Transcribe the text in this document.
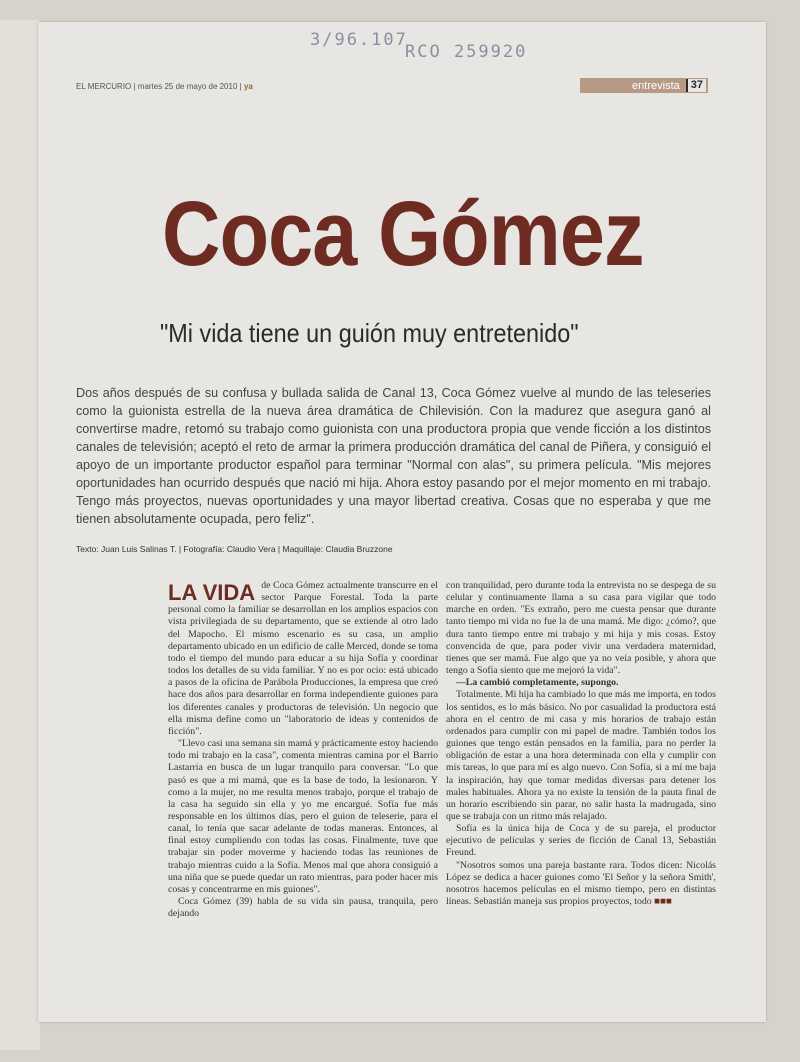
3/96.107
RCO 259920
EL MERCURIO | martes 25 de mayo de 2010 | ya	entrevista	37
Coca Gómez
"Mi vida tiene un guión muy entretenido"
Dos años después de su confusa y bullada salida de Canal 13, Coca Gómez vuelve al mundo de las teleseries como la guionista estrella de la nueva área dramática de Chilevisión. Con la madurez que asegura ganó al convertirse madre, retomó su trabajo como guionista con una productora propia que vende ficción a los distintos canales de televisión; aceptó el reto de armar la primera producción dramática del canal de Piñera, y consiguió el apoyo de un importante productor español para terminar "Normal con alas", su primera película. "Mis mejores oportunidades han ocurrido después que nació mi hija. Ahora estoy pasando por el mejor momento en mi trabajo. Tengo más proyectos, nuevas oportunidades y una mayor libertad creativa. Cosas que no esperaba y que me tienen absolutamente ocupada, pero feliz".
Texto: Juan Luis Salinas T. | Fotografía: Claudio Vera | Maquillaje: Claudia Bruzzone

LA VIDA de Coca Gómez actualmente transcurre en el sector Parque Forestal. Toda la parte personal como la familiar se desarrollan en los amplios espacios con vista privilegiada de su departamento, que se extiende al otro lado del Mapocho. El mismo escenario es su casa, un amplio departamento ubicado en un edificio de calle Merced, donde se toma todo el tiempo del mundo para educar a su hija Sofía y coordinar todos los detalles de su vida familiar. Y no es por ocio: está ubicado a pasos de la oficina de Parábola Producciones, la empresa que creó hace dos años para desarrollar en forma independiente guiones para los diferentes canales y productoras de televisión. Un negocio que ella misma define como un "laboratorio de ideas y contenidos de ficción".

"Llevo casi una semana sin mamá y prácticamente estoy haciendo todo mi trabajo en la casa", comenta mientras camina por el Barrio Lastarria en busca de un lugar tranquilo para conversar. "Lo que pasó es que a mi mamá, que es la base de todo, la lesionaron. Y como a la mujer, no me resulta menos trabajo, porque el trabajo de la casa ha seguido sin ella y yo me encargué. Sofía fue más responsable en los últimos días, pero el guion de teleserie, para el canal, lo tenía que sacar adelante de todas maneras. Entonces, al final estoy cumpliendo con todas las cosas. Finalmente, tuve que trabajar sin poder moverme y haciendo todas las reuniones de trabajo mientras cuido a la Sofía. Menos mal que ahora consiguió a una niña que se puede quedar un rato mientras, para poder hacer mis cosas y concentrarme en mis guiones".

Coca Gómez (39) habla de su vida sin pausa, tranquila, pero dejando

con tranquilidad, pero durante toda la entrevista no se despega de su celular y continuamente llama a su casa para vigilar que todo marche en orden. "Es extraño, pero me cuesta pensar que durante tanto tiempo mi vida no fue la de una mamá. Me digo: ¿cómo?, que dura tanto tiempo entre mi trabajo y mi hija y mis cosas. Estoy convencida de que, para poder vivir una verdadera maternidad, tienes que ser mamá. Fue algo que ya no veía posible, y ahora que tengo a Sofía siento que me mejoró la vida".

—La cambió completamente, supongo.

Totalmente. Mi hija ha cambiado lo que más me importa, en todos los sentidos, es lo más básico. No por casualidad la productora está ahora en el centro de mi casa y mis horarios de trabajo están ordenados para cumplir con mi papel de madre. También todos los guiones que tengo están pensados en la familia, para no perder la obligación de estar a una hora determinada con ella y cumplir con mis tareas, lo que para mí es algo nuevo. Con Sofía, si a mí me baja la inspiración, hay que tomar medidas diversas para detener los males habituales. Ahora ya no existe la tensión de la pauta final de un horario escribiendo sin parar, no salir hasta la madrugada, sino que se trabaja con un ritmo más relajado.

Sofía es la única hija de Coca y de su pareja, el productor ejecutivo de películas y series de ficción de Canal 13, Sebastián Freund.

"Nosotros somos una pareja bastante rara. Todos dicen: Nicolás López se dedica a hacer guiones como 'El Señor y la señora Smith', nosotros hacemos películas en el mismo tiempo, pero en distintas líneas. Sebastián maneja sus propios proyectos, todo ■■■
